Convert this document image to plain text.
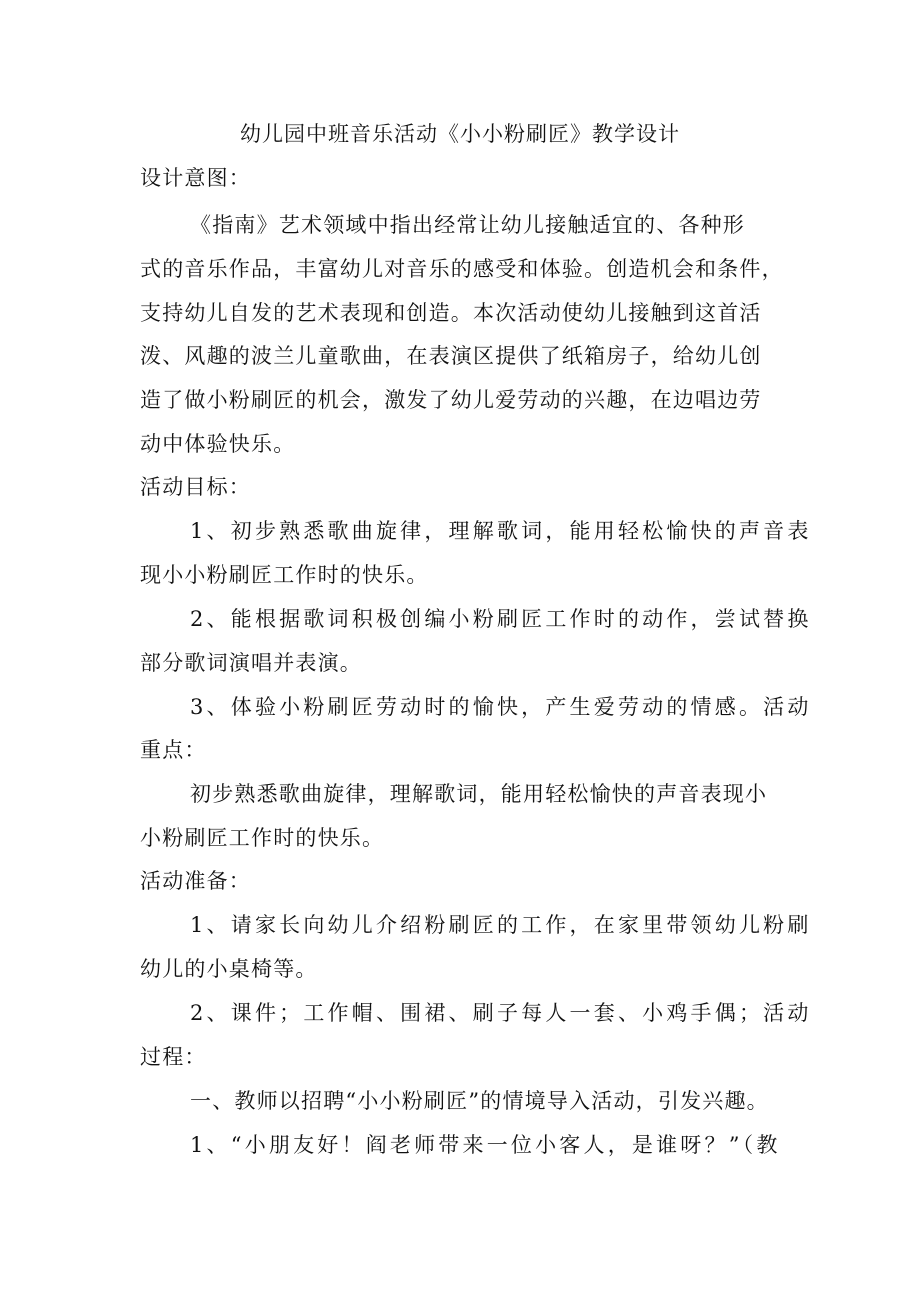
幼儿园中班音乐活动《小小粉刷匠》教学设计
设计意图：
《指南》艺术领域中指出经常让幼儿接触适宜的、各种形
式的音乐作品，丰富幼儿对音乐的感受和体验。创造机会和条件，
支持幼儿自发的艺术表现和创造。本次活动使幼儿接触到这首活
泼、风趣的波兰儿童歌曲，在表演区提供了纸箱房子，给幼儿创
造了做小粉刷匠的机会，激发了幼儿爱劳动的兴趣，在边唱边劳
动中体验快乐。
活动目标：
1、初步熟悉歌曲旋律，理解歌词，能用轻松愉快的声音表
现小小粉刷匠工作时的快乐。
2、能根据歌词积极创编小粉刷匠工作时的动作，尝试替换
部分歌词演唱并表演。
3、体验小粉刷匠劳动时的愉快，产生爱劳动的情感。活动
重点：
初步熟悉歌曲旋律，理解歌词，能用轻松愉快的声音表现小
小粉刷匠工作时的快乐。
活动准备：
1、请家长向幼儿介绍粉刷匠的工作，在家里带领幼儿粉刷
幼儿的小桌椅等。
2、课件；工作帽、围裙、刷子每人一套、小鸡手偶；活动
过程：
一、教师以招聘“小小粉刷匠”的情境导入活动，引发兴趣。
1、“小朋友好！阎老师带来一位小客人，是谁呀？”（教
